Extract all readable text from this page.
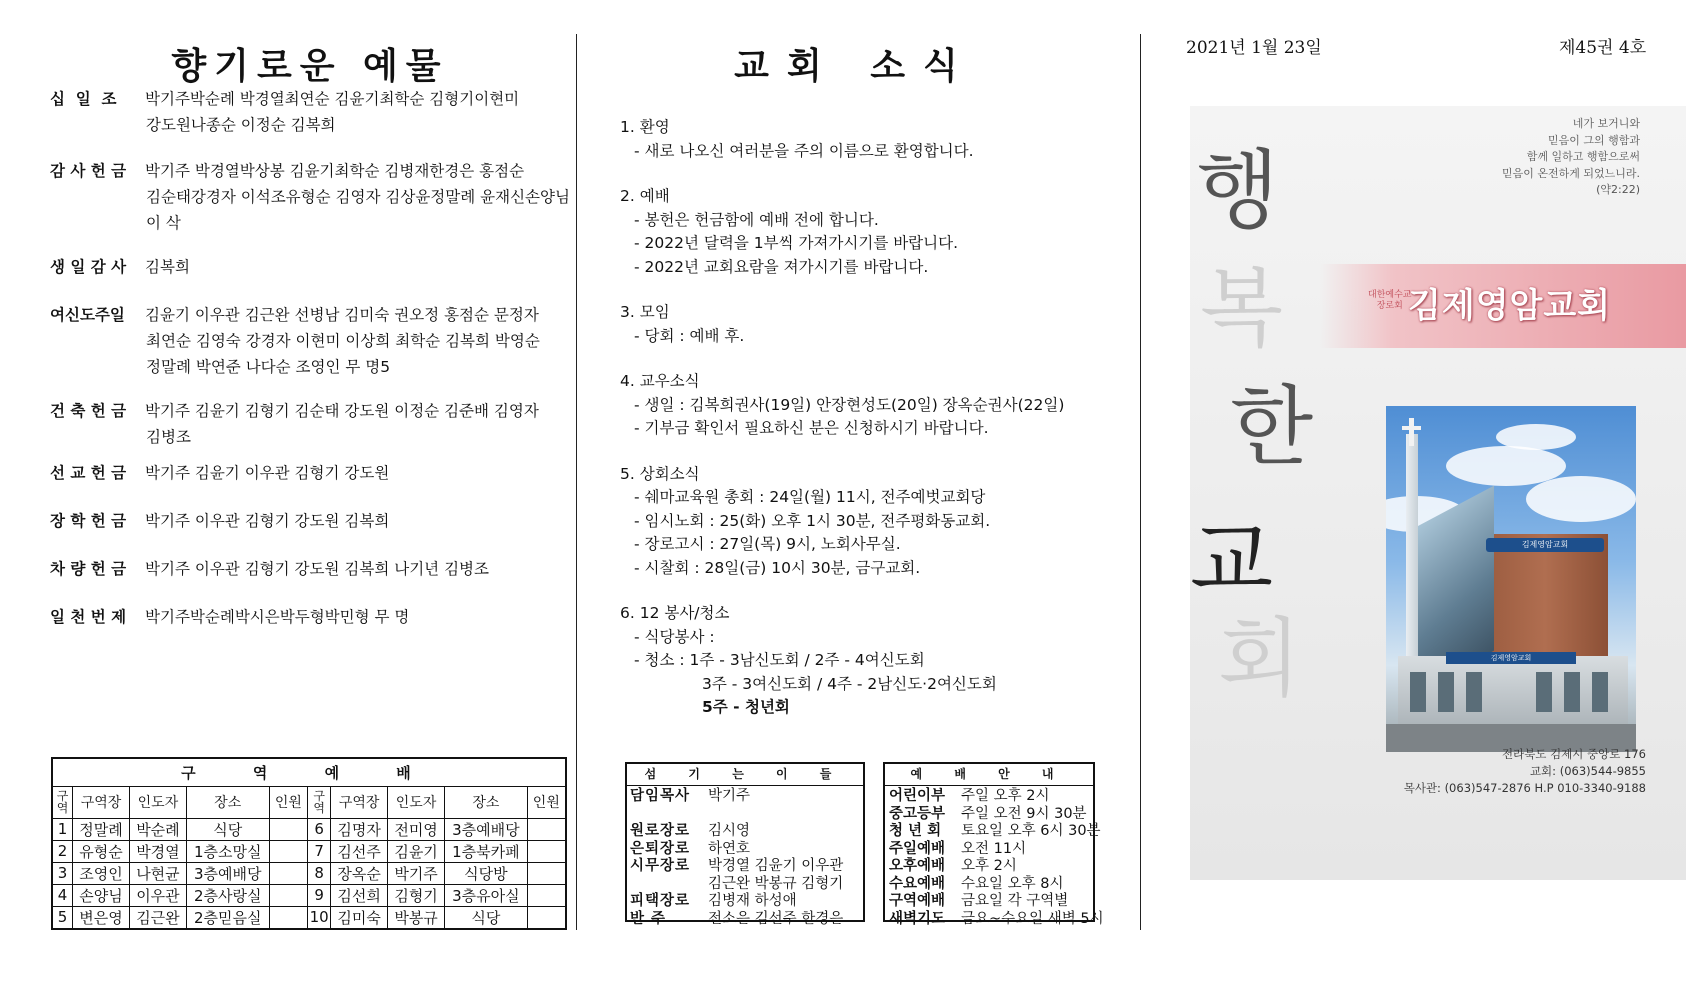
향기로운 예물
십  일  조	박기주박순례 박경열최연순 김윤기최학순 김형기이현미
강도원나종순 이정순 김복희
감 사 헌 금	박기주 박경열박상봉 김윤기최학순 김병재한경은 홍점순
김순태강경자 이석조유형순 김영자 김상윤정말례 윤재신손양님
이 삭
생 일 감 사	김복희
여신도주일	김윤기 이우관 김근완 선병남 김미숙 권오정 홍점순 문정자
최연순 김영숙 강경자 이현미 이상희 최학순 김복희 박영순
정말례 박연준 나다순 조영인 무 명5
건 축 헌 금	박기주 김윤기 김형기 김순태 강도원 이정순 김준배 김영자
김병조
선 교 헌 금	박기주 김윤기 이우관 김형기 강도원
장 학 헌 금	박기주 이우관 김형기 강도원 김복희
차 량 헌 금	박기주 이우관 김형기 강도원 김복희 나기년 김병조
일 천 번 제	박기주박순례박시은박두형박민형 무 명
구 역 예 배									

구역	구역장	인도자	장소	인원	구역	구역장	인도자	장소	인원
1	정말례	박순례	식당		6	김명자	전미영	3층예배당	
2	유형순	박경열	1층소망실		7	김선주	김윤기	1층북카페	
3	조영인	나현균	3층예배당		8	장옥순	박기주	식당방	
4	손양님	이우관	2층사랑실		9	김선희	김형기	3층유아실	
5	변은영	김근완	2층믿음실		10	김미숙	박봉규	식당	
교회 소식
1. 환영
- 새로 나오신 여러분을 주의 이름으로 환영합니다.
2. 예배
- 봉헌은 헌금함에 예배 전에 합니다.
- 2022년 달력을 1부씩 가져가시기를 바랍니다.
- 2022년 교회요람을 져가시기를 바랍니다.
3. 모임
- 당회 : 예배 후.
4. 교우소식
- 생일 : 김복희권사(19일) 안장현성도(20일) 장옥순권사(22일)
- 기부금 확인서 필요하신 분은 신청하시기 바랍니다.
5. 상회소식
- 쉐마교육원 총회 : 24일(월) 11시, 전주예벗교회당
- 임시노회 : 25(화) 오후 1시 30분, 전주평화동교회.
- 장로고시 : 27일(목) 9시, 노회사무실.
- 시찰회 : 28일(금) 10시 30분, 금구교회.
6. 12 봉사/청소
- 식당봉사 :
- 청소 : 1주 - 3남신도회 / 2주 - 4여신도회
3주 - 3여신도회 / 4주 - 2남신도·2여신도회
5주 - 청년회
섬 기 는 이 들
담임목사	박기주
원로장로	김시영
은퇴장로	하연호
시무장로	박경열 김윤기 이우관
김근완 박봉규 김형기
피택장로	김병재 하성애
반 주	전소은 김선주 한경은
예 배 안 내
어린이부	주일 오후 2시
중고등부	주일 오전 9시 30분
청 년 회	토요일 오후 6시 30분
주일예배	오전 11시
오후예배	오후 2시
수요예배	수요일 오후 8시
구역예배	금요일 각 구역별
새벽기도	금요~수요일 새벽 5시
2021년 1월 23일	제45권 4호
네가 보거니와
믿음이 그의 행함과
함께 일하고 행함으로써
믿음이 온전하게 되었느니라.
(약2:22)
행
복
한
교
회
대한예수교
장로회 김제영암교회
김제영암교회
김제영암교회
전라북도 김제시 중앙로 176
교회: (063)544-9855
목사관: (063)547-2876 H.P 010-3340-9188
